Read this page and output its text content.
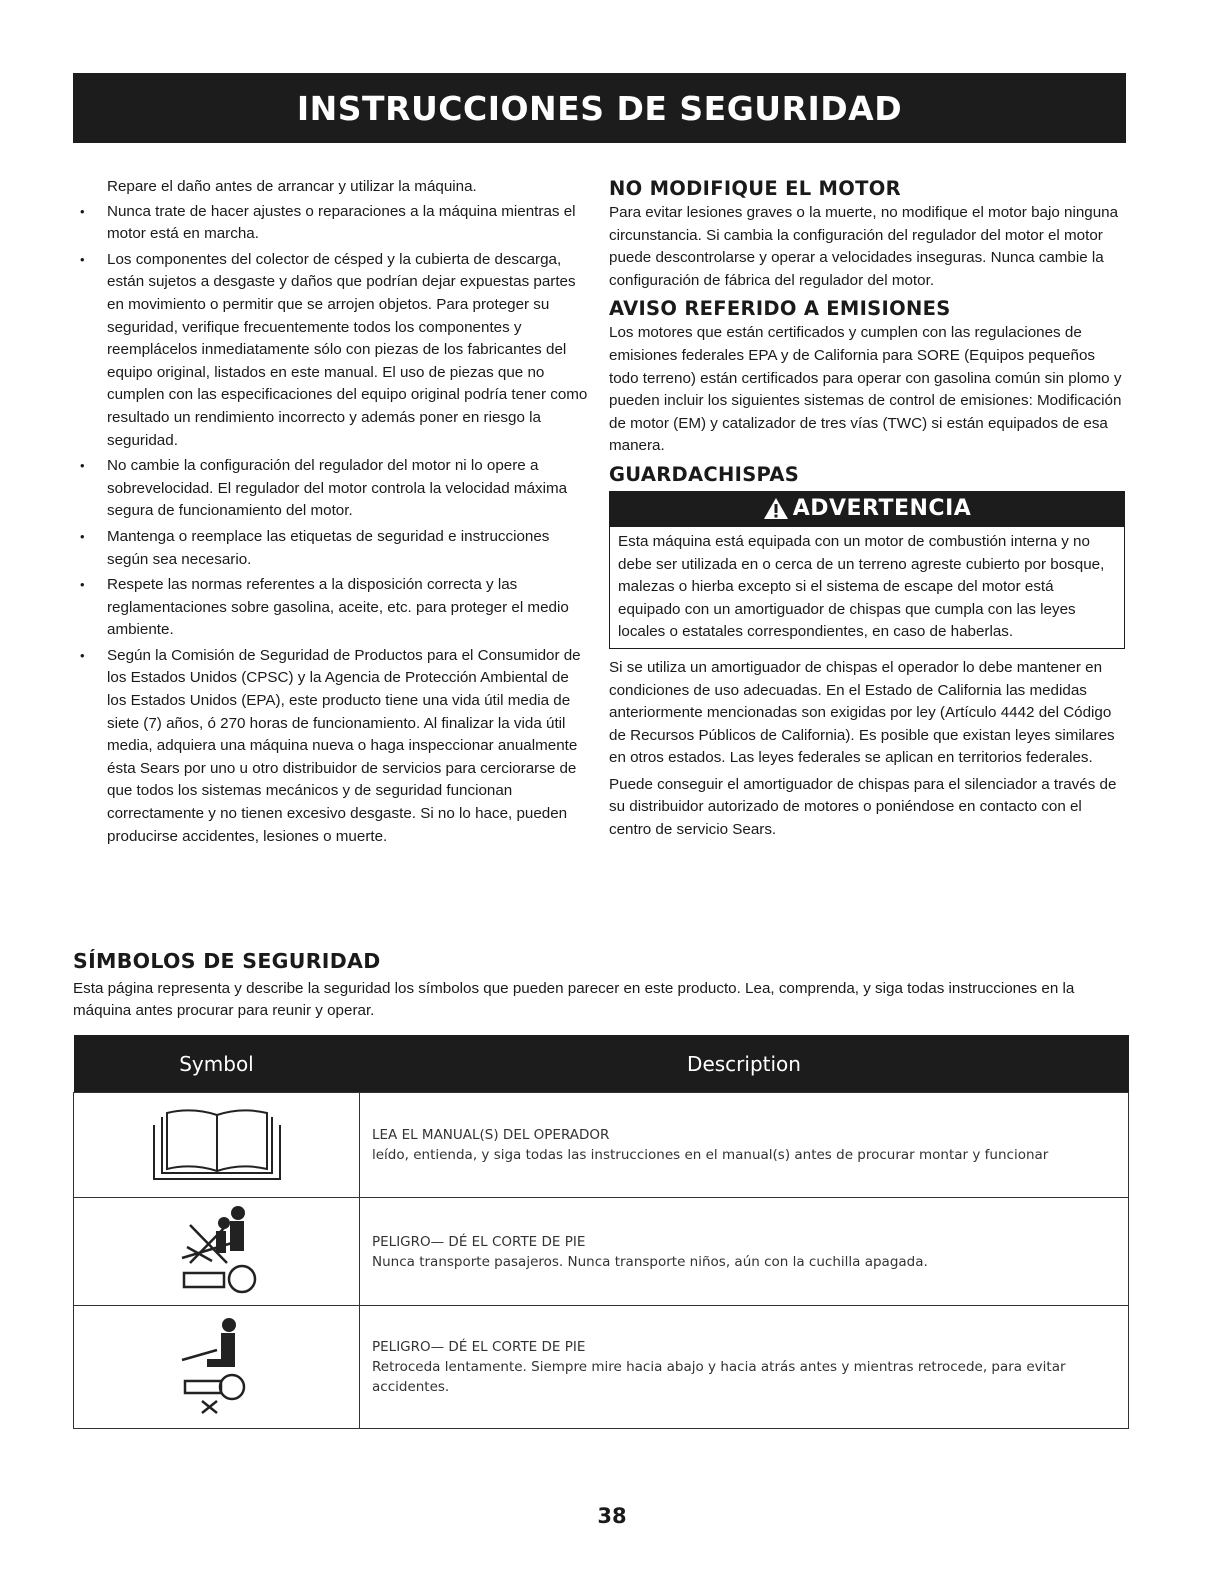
INSTRUCCIONES DE SEGURIDAD

Repare el daño antes de arrancar y utilizar la máquina.

• Nunca trate de hacer ajustes o reparaciones a la máquina mientras el motor está en marcha.
• Los componentes del colector de césped y la cubierta de descarga, están sujetos a desgaste y daños que podrían dejar expuestas partes en movimiento o permitir que se arrojen objetos. Para proteger su seguridad, verifique frecuentemente todos los componentes y reemplácelos inmediatamente sólo con piezas de los fabricantes del equipo original, listados en este manual. El uso de piezas que no cumplen con las especificaciones del equipo original podría tener como resultado un rendimiento incorrecto y además poner en riesgo la seguridad.
• No cambie la configuración del regulador del motor ni lo opere a sobrevelocidad. El regulador del motor controla la velocidad máxima segura de funcionamiento del motor.
• Mantenga o reemplace las etiquetas de seguridad e instrucciones según sea necesario.
• Respete las normas referentes a la disposición correcta y las reglamentaciones sobre gasolina, aceite, etc. para proteger el medio ambiente.
• Según la Comisión de Seguridad de Productos para el Consumidor de los Estados Unidos (CPSC) y la Agencia de Protección Ambiental de los Estados Unidos (EPA), este producto tiene una vida útil media de siete (7) años, ó 270 horas de funcionamiento. Al finalizar la vida útil media, adquiera una máquina nueva o haga inspeccionar anualmente ésta Sears por uno u otro distribuidor de servicios para cerciorarse de que todos los sistemas mecánicos y de seguridad funcionan correctamente y no tienen excesivo desgaste. Si no lo hace, pueden producirse accidentes, lesiones o muerte.
NO MODIFIQUE EL MOTOR

Para evitar lesiones graves o la muerte, no modifique el motor bajo ninguna circunstancia. Si cambia la configuración del regulador del motor el motor puede descontrolarse y operar a velocidades inseguras. Nunca cambie la configuración de fábrica del regulador del motor.

AVISO REFERIDO A EMISIONES

Los motores que están certificados y cumplen con las regulaciones de emisiones federales EPA y de California para SORE (Equipos pequeños todo terreno) están certificados para operar con gasolina común sin plomo y pueden incluir los siguientes sistemas de control de emisiones: Modificación de motor (EM) y catalizador de tres vías (TWC) si están equipados de esa manera.

GUARDACHISPAS
ADVERTENCIA
Esta máquina está equipada con un motor de combustión interna y no debe ser utilizada en o cerca de un terreno agreste cubierto por bosque, malezas o hierba excepto si el sistema de escape del motor está equipado con un amortiguador de chispas que cumpla con las leyes locales o estatales correspondientes, en caso de haberlas.

Si se utiliza un amortiguador de chispas el operador lo debe mantener en condiciones de uso adecuadas. En el Estado de California las medidas anteriormente mencionadas son exigidas por ley (Artículo 4442 del Código de Recursos Públicos de California). Es posible que existan leyes similares en otros estados. Las leyes federales se aplican en territorios federales.

Puede conseguir el amortiguador de chispas para el silenciador a través de su distribuidor autorizado de motores o poniéndose en contacto con el centro de servicio Sears.

SÍMBOLOS DE SEGURIDAD

Esta página representa y describe la seguridad los símbolos que pueden parecer en este producto. Lea, comprenda, y siga todas instrucciones en la máquina antes procurar para reunir y operar.

Symbol	Description

LEA EL MANUAL(S) DEL OPERADOR
leído, entienda, y siga todas las instrucciones en el manual(s) antes de procurar montar y funcionar

PELIGRO— DÉ EL CORTE DE PIE
Nunca transporte pasajeros. Nunca transporte niños, aún con la cuchilla apagada.

PELIGRO— DÉ EL CORTE DE PIE
Retroceda lentamente. Siempre mire hacia abajo y hacia atrás antes y mientras retrocede, para evitar accidentes.
38
